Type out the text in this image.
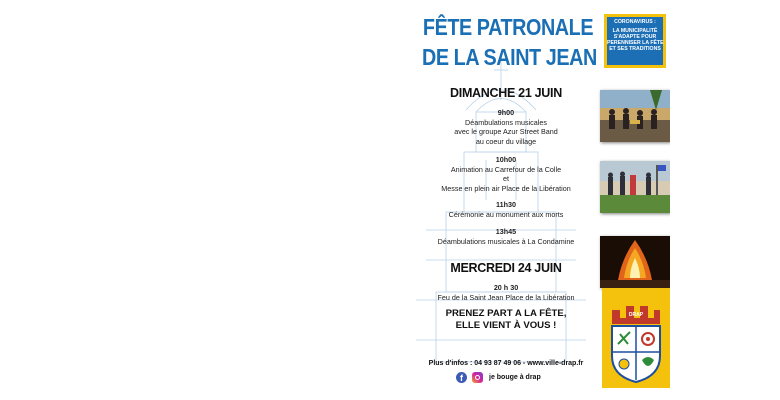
FÊTE PATRONALE
DE LA SAINT JEAN
CORONAVIRUS :
LA MUNICIPALITÉ
S'ADAPTE POUR
PERENNISER LA FÊTE
ET SES TRADITIONS
DIMANCHE 21 JUIN
9h00
Déambulations musicales
avec le groupe Azur Street Band
au coeur du village
10h00
Animation au Carrefour de la Colle
et
Messe en plein air Place de la Libération
11h30
Cérémonie au monument aux morts
13h45
Déambulations musicales à La Condamine
MERCREDI 24 JUIN
20 h 30
Feu de la Saint Jean Place de la Libération
PRENEZ PART A LA FÊTE,
ELLE VIENT À VOUS !
Plus d'infos : 04 93 87 49 06 - www.ville-drap.fr
f	je bouge à drap
DRAP
